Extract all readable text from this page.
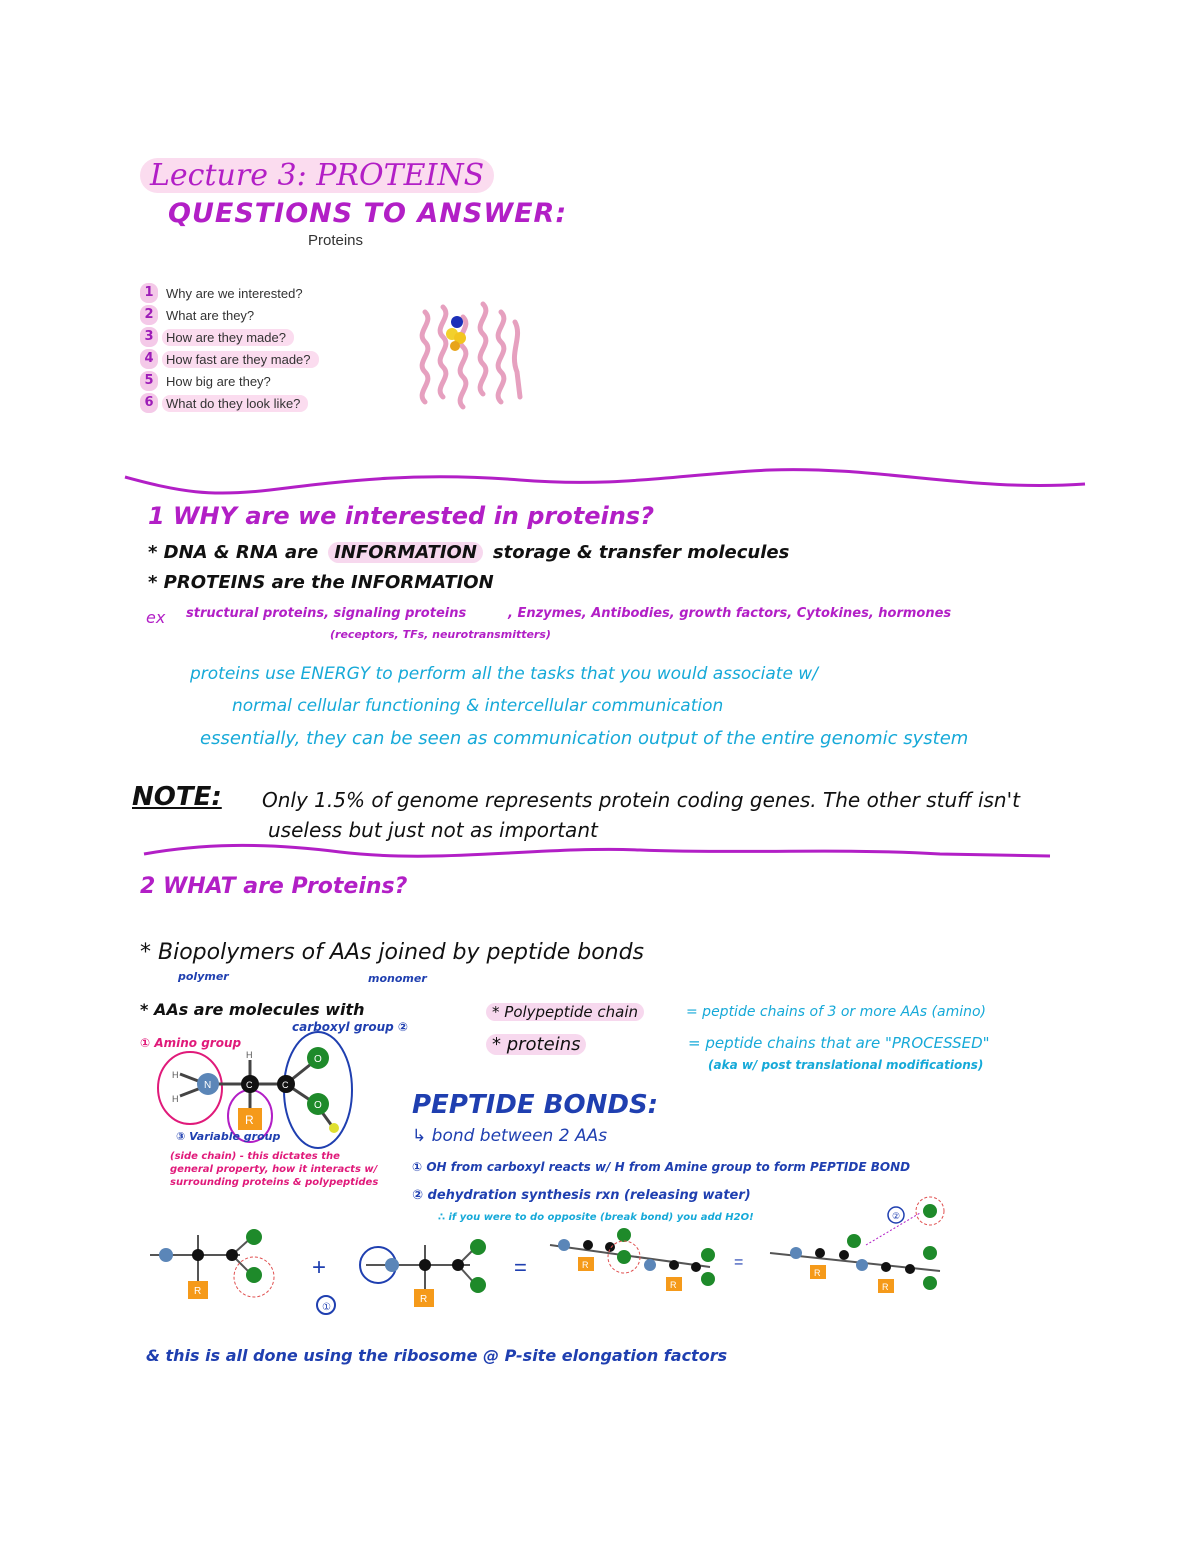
Lecture 3: PROTEINS
QUESTIONS TO ANSWER:
Proteins
1 Why are we interested?
2 What are they?
3 How are they made?
4 How fast are they made?
5 How big are they?
6 What do they look like?
1 WHY are we interested in proteins?
* DNA & RNA are INFORMATION storage & transfer molecules
* PROTEINS are the INFORMATION
ex structural proteins, signaling proteins
(receptors, TFs, neurotransmitters)
, Enzymes, Antibodies, growth factors, Cytokines, hormones
proteins use ENERGY to perform all the tasks that you would associate w/
normal cellular functioning & intercellular communication
essentially, they can be seen as communication output of the entire genomic system
NOTE: Only 1.5% of genome represents protein coding genes. The other stuff isn't
useless but just not as important
2 WHAT are Proteins?
* Biopolymers of AAs joined by peptide bonds
polymer	monomer
* AAs are molecules with
H
H
N
H
C
R
C
O
O
① Amino group
carboxyl group ②
③ Variable group
(side chain) - this dictates the general property, how it interacts w/ surrounding proteins & polypeptides
* Polypeptide chain	= peptide chains of 3 or more AAs (amino)
* proteins	= peptide chains that are "PROCESSED"
(aka w/ post translational modifications)
PEPTIDE BONDS:
↳ bond between 2 AAs
① OH from carboxyl reacts w/ H from Amine group to form PEPTIDE BOND
② dehydration synthesis rxn (releasing water)
∴ if you were to do opposite (break bond) you add H2O!
R
+
①
R
=	R
R
=
R
R
②
& this is all done using the ribosome @ P-site elongation factors
